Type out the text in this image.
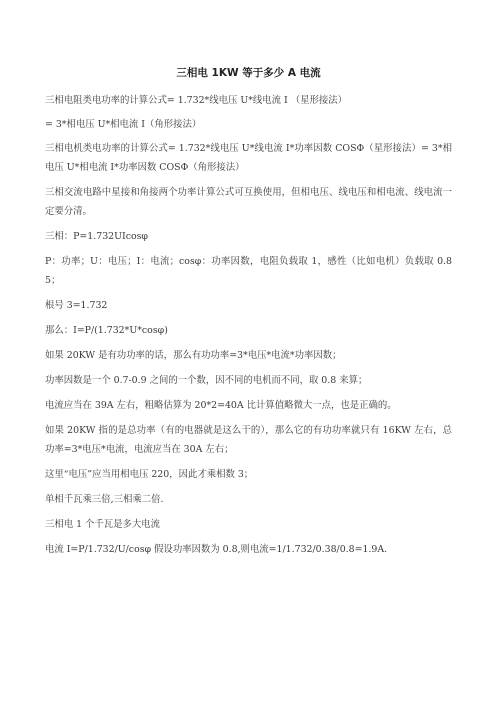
三相电 1KW 等于多少 A 电流
三相电阻类电功率的计算公式= 1.732*线电压 U*线电流 I （星形接法）
= 3*相电压 U*相电流 I（角形接法）
三相电机类电功率的计算公式= 1.732*线电压 U*线电流 I*功率因数 COSΦ（星形接法）= 3*相电压 U*相电流 I*功率因数 COSΦ（角形接法）
三相交流电路中星接和角接两个功率计算公式可互换使用，但相电压、线电压和相电流、线电流一定要分清。
三相：P=1.732UIcosφ
P：功率；U：电压；I：电流；cosφ：功率因数，电阻负载取 1，感性（比如电机）负载取 0.85；
根号 3=1.732
那么：I=P/(1.732*U*cosφ)
如果 20KW 是有功功率的话，那么有功功率=3*电压*电流*功率因数；
功率因数是一个 0.7-0.9 之间的一个数，因不同的电机而不同，取 0.8 来算；
电流应当在 39A 左右，粗略估算为 20*2=40A 比计算值略微大一点，也是正确的。
如果 20KW 指的是总功率（有的电器就是这么干的），那么它的有功功率就只有 16KW 左右，总功率=3*电压*电流，电流应当在 30A 左右；
这里“电压”应当用相电压 220，因此才乘相数 3；
单相千瓦乘三倍,三相乘二倍.
三相电 1 个千瓦是多大电流
电流 I=P/1.732/U/cosφ 假设功率因数为 0.8,则电流=1/1.732/0.38/0.8=1.9A.
